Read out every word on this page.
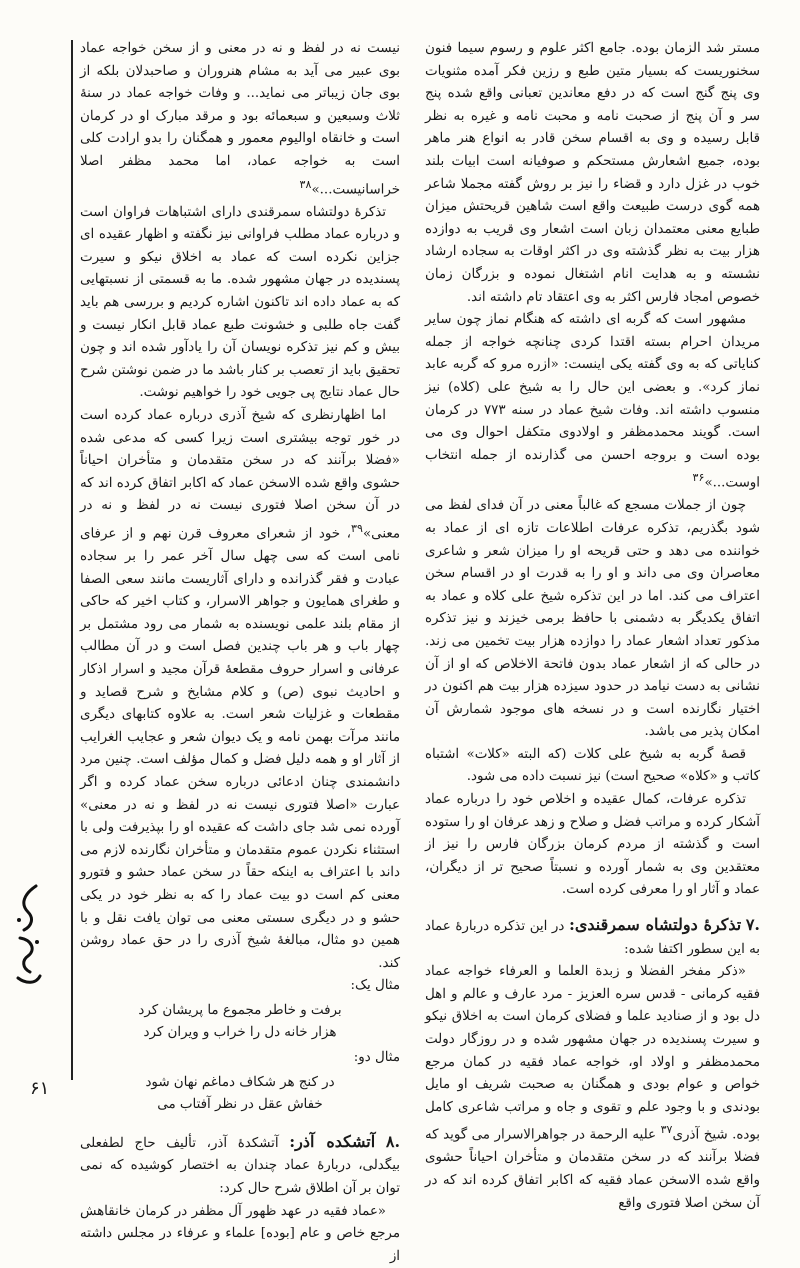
مستر شد الزمان بوده. جامع اکثر علوم و رسوم سیما فنون سخنوریست که بسیار متین طبع و رزین فکر آمده مثنویات وی پنج گنج است که در دفع معاندین تعبانی واقع شده پنج سر و آن پنج از صحبت نامه و محبت نامه و غیره به نظر قابل رسیده و وی به اقسام سخن قادر به انواع هنر ماهر بوده، جمیع اشعارش مستحکم و صوفیانه است ابیات بلند خوب در غزل دارد و قضاء را نیز بر روش گفته مجملا شاعر همه گوی درست طبیعت واقع است شاهین قریحتش میزان طبایع معنی معتمدان زبان است اشعار وی قریب به دوازده هزار بیت به نظر گذشته وی در اکثر اوقات به سجاده ارشاد نشسته و به هدایت انام اشتغال نموده و بزرگان زمان خصوص امجاد فارس اکثر به وی اعتقاد تام داشته اند.

مشهور است که گربه ای داشته که هنگام نماز چون سایر مریدان احرام بسته اقتدا کردی چنانچه خواجه از جمله کنایاتی که به وی گفته یکی اینست: «ازره مرو که گربه عابد نماز کرد». و بعضی این حال را به شیخ علی (کلاه) نیز منسوب داشته اند. وفات شیخ عماد در سنه ۷۷۳ در کرمان است. گویند محمدمظفر و اولادوی متکفل احوال وی می بوده است و بروجه احسن می گذارنده از جمله انتخاب اوست...»$^{۳۶}$

چون از جملات مسجع که غالباً معنی در آن فدای لفظ می شود بگذریم، تذکره عرفات اطلاعات تازه ای از عماد به خواننده می دهد و حتی قریحه او را میزان شعر و شاعری معاصران وی می داند و او را به قدرت او در اقسام سخن اعتراف می کند. اما در این تذکره شیخ علی کلاه و عماد به اتفاق یکدیگر به دشمنی با حافظ برمی خیزند و نیز تذکره مذکور تعداد اشعار عماد را دوازده هزار بیت تخمین می زند. در حالی که از اشعار عماد بدون فاتحة الاخلاص که او از آن نشانی به دست نیامد در حدود سیزده هزار بیت هم اکنون در اختیار نگارنده است و در نسخه های موجود شمارش آن امکان پذیر می باشد.

قصهٔ گربه به شیخ علی کلات (که البته «کلات» اشتباه کاتب و «کلاه» صحیح است) نیز نسبت داده می شود.

تذکره عرفات، کمال عقیده و اخلاص خود را درباره عماد آشکار کرده و مراتب فضل و صلاح و زهد عرفان او را ستوده است و گذشته از مردم کرمان بزرگان فارس را نیز از معتقدین وی به شمار آورده و نسبتاً صحیح تر از دیگران، عماد و آثار او را معرفی کرده است.

.۷ تذکرهٔ دولتشاه سمرقندی: در این تذکره دربارهٔ عماد به این سطور اکتفا شده:

«ذکر مفخر الفضلا و زبدة العلما و العرفاء خواجه عماد فقیه کرمانی - قدس سره العزیز - مرد عارف و عالم و اهل دل بود و از صنادید علما و فضلای کرمان است به اخلاق نیکو و سیرت پسندیده در جهان مشهور شده و در روزگار دولت محمدمظفر و اولاد او، خواجه عماد فقیه در کمان مرجع خواص و عوام بودی و همگنان به صحبت شریف او مایل بودندی و با وجود علم و تقوی و جاه و مراتب شاعری کامل بوده. شیخ آذری$^{۳۷}$ علیه الرحمة در جواهرالاسرار می گوید که فضلا برآنند که در سخن متقدمان و متأخران احیاناً حشوی واقع شده الاسخن عماد فقیه که اکابر اتفاق کرده اند که در آن سخن اصلا فتوری واقع

نیست نه در لفظ و نه در معنی و از سخن خواجه عماد بوی عبیر می آید به مشام هنروران و صاحبدلان بلکه از بوی جان زیباتر می نماید... و وفات خواجه عماد در سنهٔ ثلاث وسبعین و سبعمائه بود و مرقد مبارک او در کرمان است و خانقاه اوالیوم معمور و همگنان را بدو ارادت کلی است به خواجه عماد، اما محمد مظفر اصلا خراسانیست...»$^{۳۸}$

تذکرهٔ دولتشاه سمرقندی دارای اشتباهات فراوان است و درباره عماد مطلب فراوانی نیز نگفته و اظهار عقیده ای جزاین نکرده است که عماد به اخلاق نیکو و سیرت پسندیده در جهان مشهور شده. ما به قسمتی از نسبتهایی که به عماد داده اند تاکنون اشاره کردیم و بررسی هم باید گفت جاه طلبی و خشونت طبع عماد قابل انکار نیست و بیش و کم نیز تذکره نویسان آن را یادآور شده اند و چون تحقیق باید از تعصب بر کنار باشد ما در ضمن نوشتن شرح حال عماد نتایج پی جویی خود را خواهیم نوشت.

اما اظهارنظری که شیخ آذری درباره عماد کرده است در خور توجه بیشتری است زیرا کسی که مدعی شده «فضلا برآنند که در سخن متقدمان و متأخران احیاناً حشوی واقع شده الاسخن عماد که اکابر اتفاق کرده اند که در آن سخن اصلا فتوری نیست نه در لفظ و نه در معنی»$^{۳۹}$، خود از شعرای معروف قرن نهم و از عرفای نامی است که سی چهل سال آخر عمر را بر سجاده عبادت و فقر گذرانده و دارای آثاریست مانند سعی الصفا و طغرای همایون و جواهر الاسرار، و کتاب اخیر که حاکی از مقام بلند علمی نویسنده به شمار می رود مشتمل بر چهار باب و هر باب چندین فصل است و در آن مطالب عرفانی و اسرار حروف مقطعهٔ قرآن مجید و اسرار اذکار و احادیث نبوی (ص) و کلام مشایخ و شرح قصاید و مقطعات و غزلیات شعر است. به علاوه کتابهای دیگری مانند مرآت بهمن نامه و یک دیوان شعر و عجایب الغرایب از آثار او و همه دلیل فضل و کمال مؤلف است. چنین مرد دانشمندی چنان ادعائی درباره سخن عماد کرده و اگر عبارت «اصلا فتوری نیست نه در لفظ و نه در معنی» آورده نمی شد جای داشت که عقیده او را بپذیرفت ولی با استثناء نکردن عموم متقدمان و متأخران نگارنده لازم می داند با اعتراف به اینکه حقاً در سخن عماد حشو و فتورو معنی کم است دو بیت عماد را که به نظر خود در یکی حشو و در دیگری سستی معنی می توان یافت نقل و با همین دو مثال، مبالغهٔ شیخ آذری را در حق عماد روشن کند.

مثال یک:

برفت و خاطر مجموع ما پریشان کرد
هزار خانه دل را خراب و ویران کرد

مثال دو:

در کنج هر شکاف دماغم نهان شود
خفاش عقل در نظر آفتاب می

.۸ آتشکده آذر: آتشکدهٔ آذر، تألیف حاج لطفعلی بیگدلی، دربارهٔ عماد چندان به اختصار کوشیده که نمی توان بر آن اطلاق شرح حال کرد:

«عماد فقیه در عهد ظهور آل مظفر در کرمان خانقاهش مرجع خاص و عام [بوده] علماء و عرفاء در مجلس داشته از

۶۱
